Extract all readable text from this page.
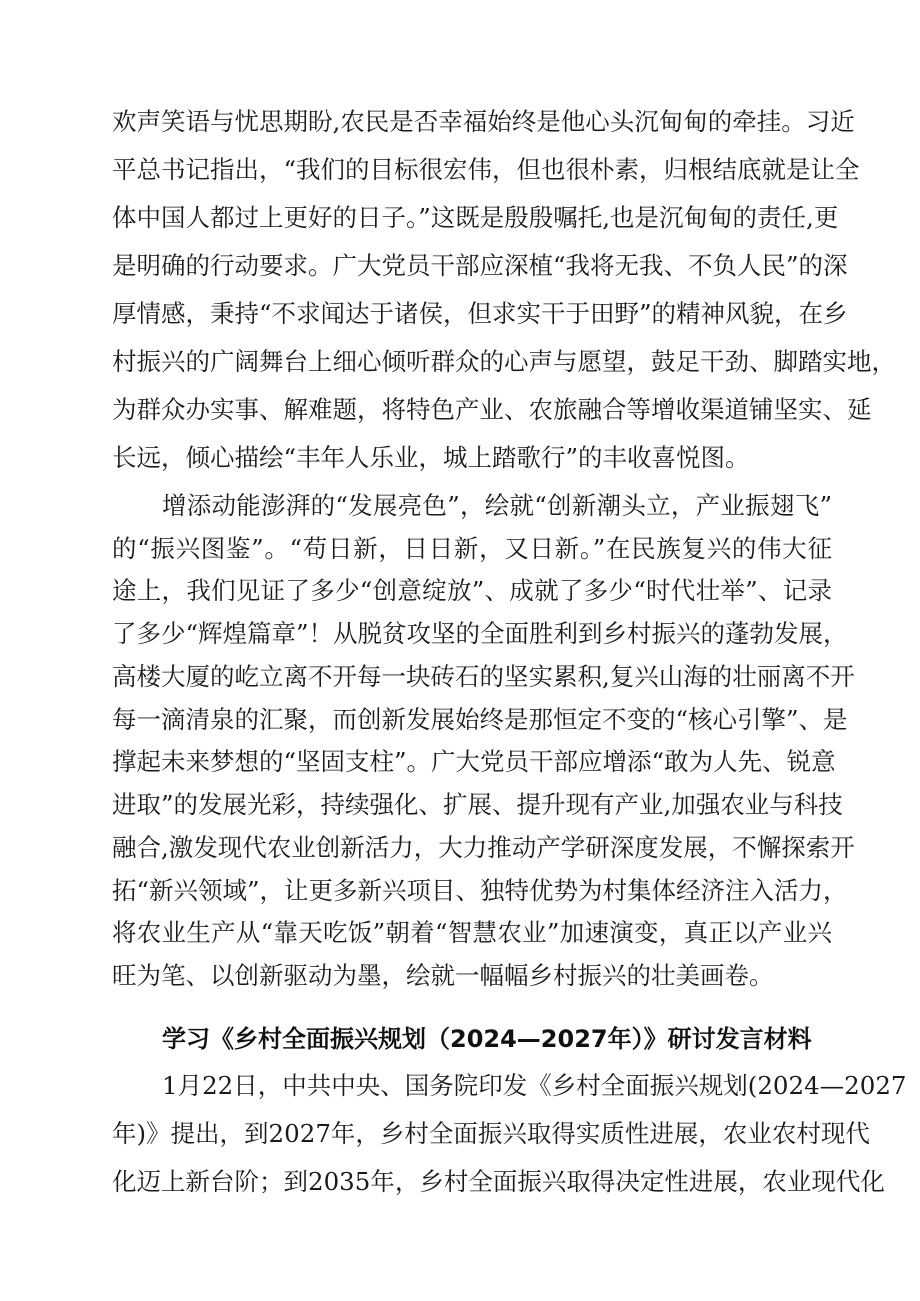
欢声笑语与忧思期盼,农民是否幸福始终是他心头沉甸甸的牵挂。习近
平总书记指出，“我们的目标很宏伟，但也很朴素，归根结底就是让全
体中国人都过上更好的日子。”这既是殷殷嘱托,也是沉甸甸的责任,更
是明确的行动要求。广大党员干部应深植“我将无我、不负人民”的深
厚情感，秉持“不求闻达于诸侯，但求实干于田野”的精神风貌，在乡
村振兴的广阔舞台上细心倾听群众的心声与愿望，鼓足干劲、脚踏实地，
为群众办实事、解难题，将特色产业、农旅融合等增收渠道铺坚实、延
长远，倾心描绘“丰年人乐业，城上踏歌行”的丰收喜悦图。
增添动能澎湃的“发展亮色”，绘就“创新潮头立，产业振翅飞”
的“振兴图鉴”。“苟日新，日日新，又日新。”在民族复兴的伟大征
途上，我们见证了多少“创意绽放”、成就了多少“时代壮举”、记录
了多少“辉煌篇章”！从脱贫攻坚的全面胜利到乡村振兴的蓬勃发展，
高楼大厦的屹立离不开每一块砖石的坚实累积,复兴山海的壮丽离不开
每一滴清泉的汇聚，而创新发展始终是那恒定不变的“核心引擎”、是
撑起未来梦想的“坚固支柱”。广大党员干部应增添“敢为人先、锐意
进取”的发展光彩，持续强化、扩展、提升现有产业,加强农业与科技
融合,激发现代农业创新活力，大力推动产学研深度发展，不懈探索开
拓“新兴领域”，让更多新兴项目、独特优势为村集体经济注入活力，
将农业生产从“靠天吃饭”朝着“智慧农业”加速演变，真正以产业兴
旺为笔、以创新驱动为墨，绘就一幅幅乡村振兴的壮美画卷。
学习《乡村全面振兴规划（2024—2027年）》研讨发言材料
1月22日，中共中央、国务院印发《乡村全面振兴规划(2024—2027
年)》提出，到2027年，乡村全面振兴取得实质性进展，农业农村现代
化迈上新台阶；到2035年，乡村全面振兴取得决定性进展，农业现代化
